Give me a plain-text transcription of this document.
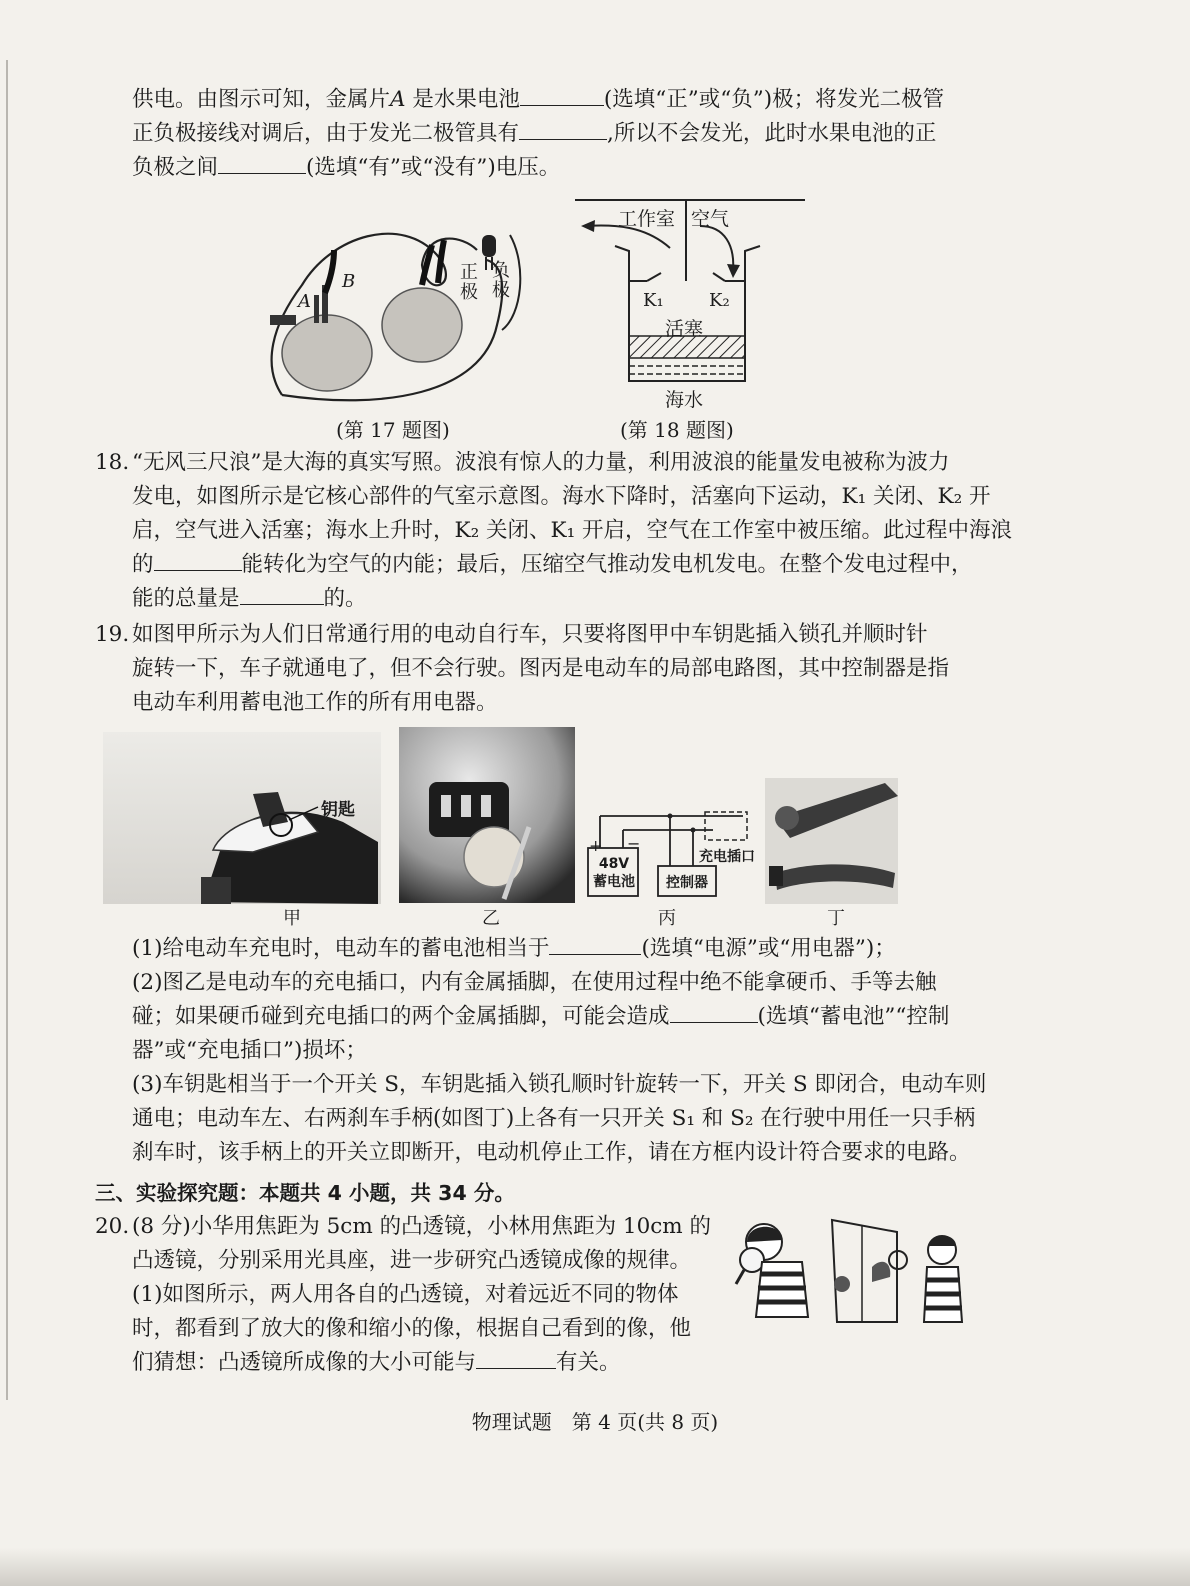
供电。由图示可知，金属片A 是水果电池	(选填“正”或“负”)极；将发光二极管
正负极接线对调后，由于发光二极管具有	,所以不会发光，此时水果电池的正
负极之间	(选填“有”或“没有”)电压。
A
B	正极
负极
(第 17 题图)
工作室 空气
K₁	K₂
活塞
海水
(第 18 题图)
18. “无风三尺浪”是大海的真实写照。波浪有惊人的力量，利用波浪的能量发电被称为波力
发电，如图所示是它核心部件的气室示意图。海水下降时，活塞向下运动，K₁ 关闭、K₂ 开
启，空气进入活塞；海水上升时，K₂ 关闭、K₁ 开启，空气在工作室中被压缩。此过程中海浪
的	能转化为空气的内能；最后，压缩空气推动发电机发电。在整个发电过程中，
能的总量是	的。
19. 如图甲所示为人们日常通行用的电动自行车，只要将图甲中车钥匙插入锁孔并顺时针
旋转一下，车子就通电了，但不会行驶。图丙是电动车的局部电路图，其中控制器是指
电动车利用蓄电池工作的所有用电器。
钥匙
甲	乙
+ −
48V
蓄电池	控制器
充电插口
丙	丁
(1)给电动车充电时，电动车的蓄电池相当于	(选填“电源”或“用电器”)；
(2)图乙是电动车的充电插口，内有金属插脚，在使用过程中绝不能拿硬币、手等去触
碰；如果硬币碰到充电插口的两个金属插脚，可能会造成	(选填“蓄电池”“控制
器”或“充电插口”)损坏；
(3)车钥匙相当于一个开关 S，车钥匙插入锁孔顺时针旋转一下，开关 S 即闭合，电动车则
通电；电动车左、右两刹车手柄(如图丁)上各有一只开关 S₁ 和 S₂ 在行驶中用任一只手柄
刹车时，该手柄上的开关立即断开，电动机停止工作，请在方框内设计符合要求的电路。
三、实验探究题：本题共 4 小题，共 34 分。
20. (8 分)小华用焦距为 5cm 的凸透镜，小林用焦距为 10cm 的
凸透镜，分别采用光具座，进一步研究凸透镜成像的规律。
(1)如图所示，两人用各自的凸透镜，对着远近不同的物体
时，都看到了放大的像和缩小的像，根据自己看到的像，他
们猜想：凸透镜所成像的大小可能与	有关。
物理试题　第 4 页(共 8 页)
